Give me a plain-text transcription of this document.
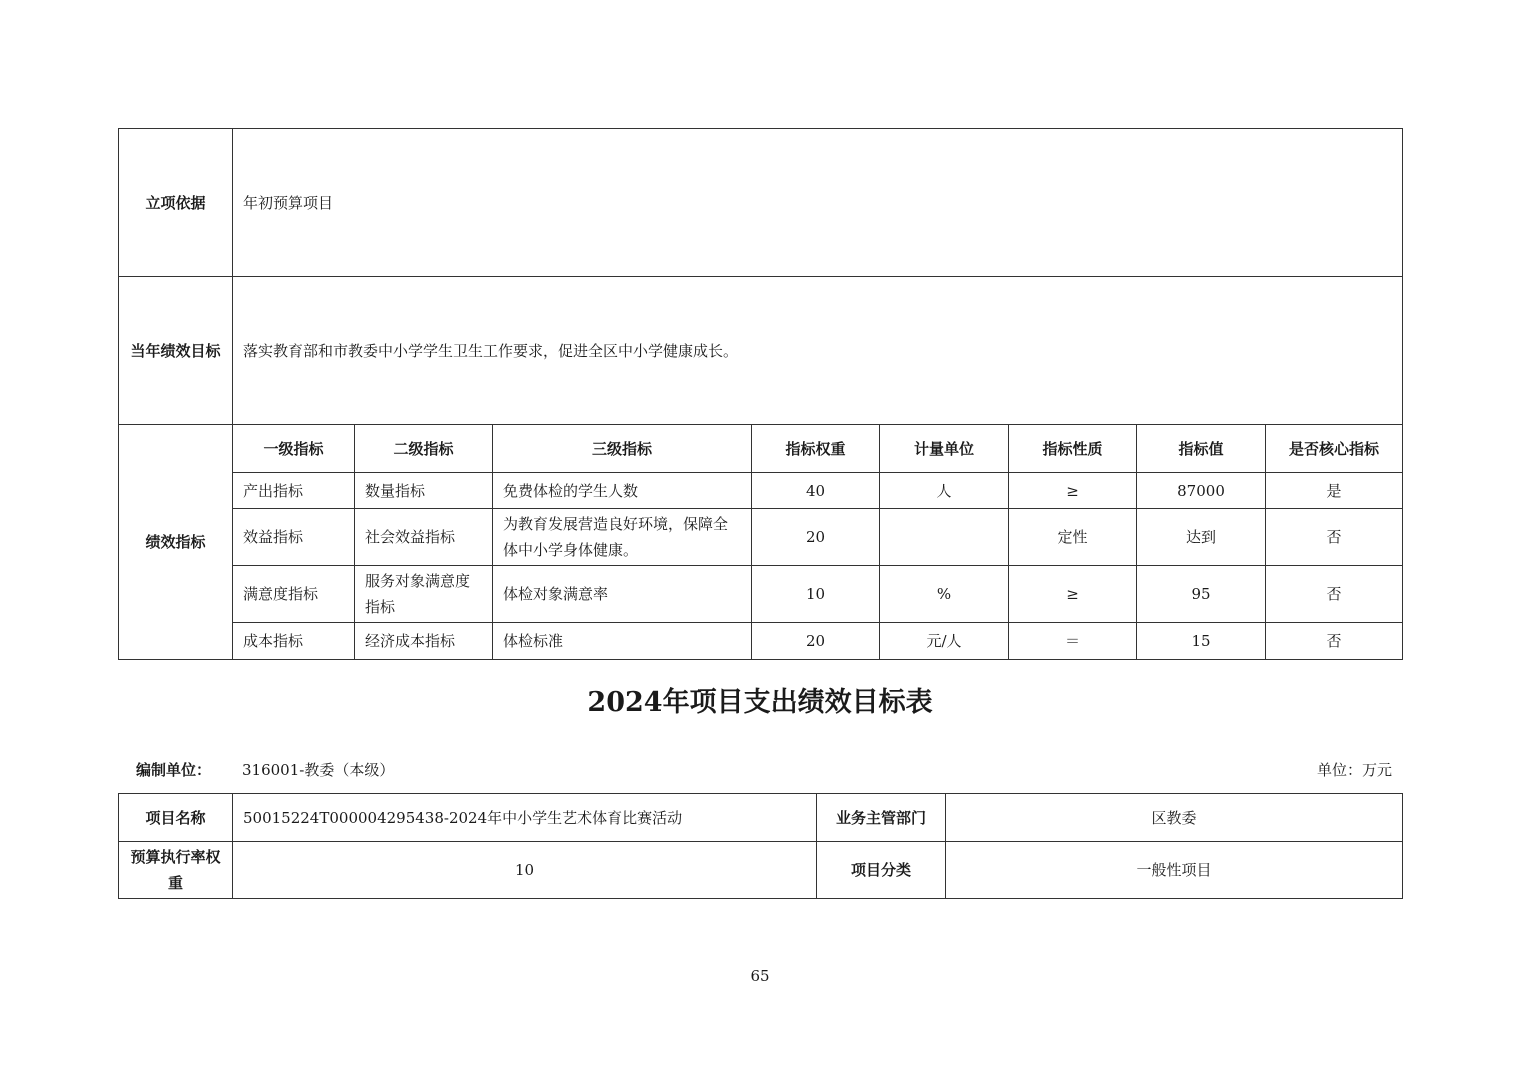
立项依据	年初预算项目							
当年绩效目标	落实教育部和市教委中小学学生卫生工作要求，促进全区中小学健康成长。							
绩效指标	一级指标	二级指标	三级指标	指标权重	计量单位	指标性质	指标值	是否核心指标
	产出指标	数量指标	免费体检的学生人数	40	人	≥	87000	是
	效益指标	社会效益指标	为教育发展营造良好环境，保障全体中小学身体健康。	20		定性	达到	否
	满意度指标	服务对象满意度指标	体检对象满意率	10	%	≥	95	否
	成本指标	经济成本指标	体检标准	20	元/人	＝	15	否
2024年项目支出绩效目标表
编制单位： 316001-教委（本级）	单位：万元
项目名称	50015224T000004295438-2024年中小学生艺术体育比赛活动	业务主管部门	区教委
预算执行率权重	10	项目分类	一般性项目
65
